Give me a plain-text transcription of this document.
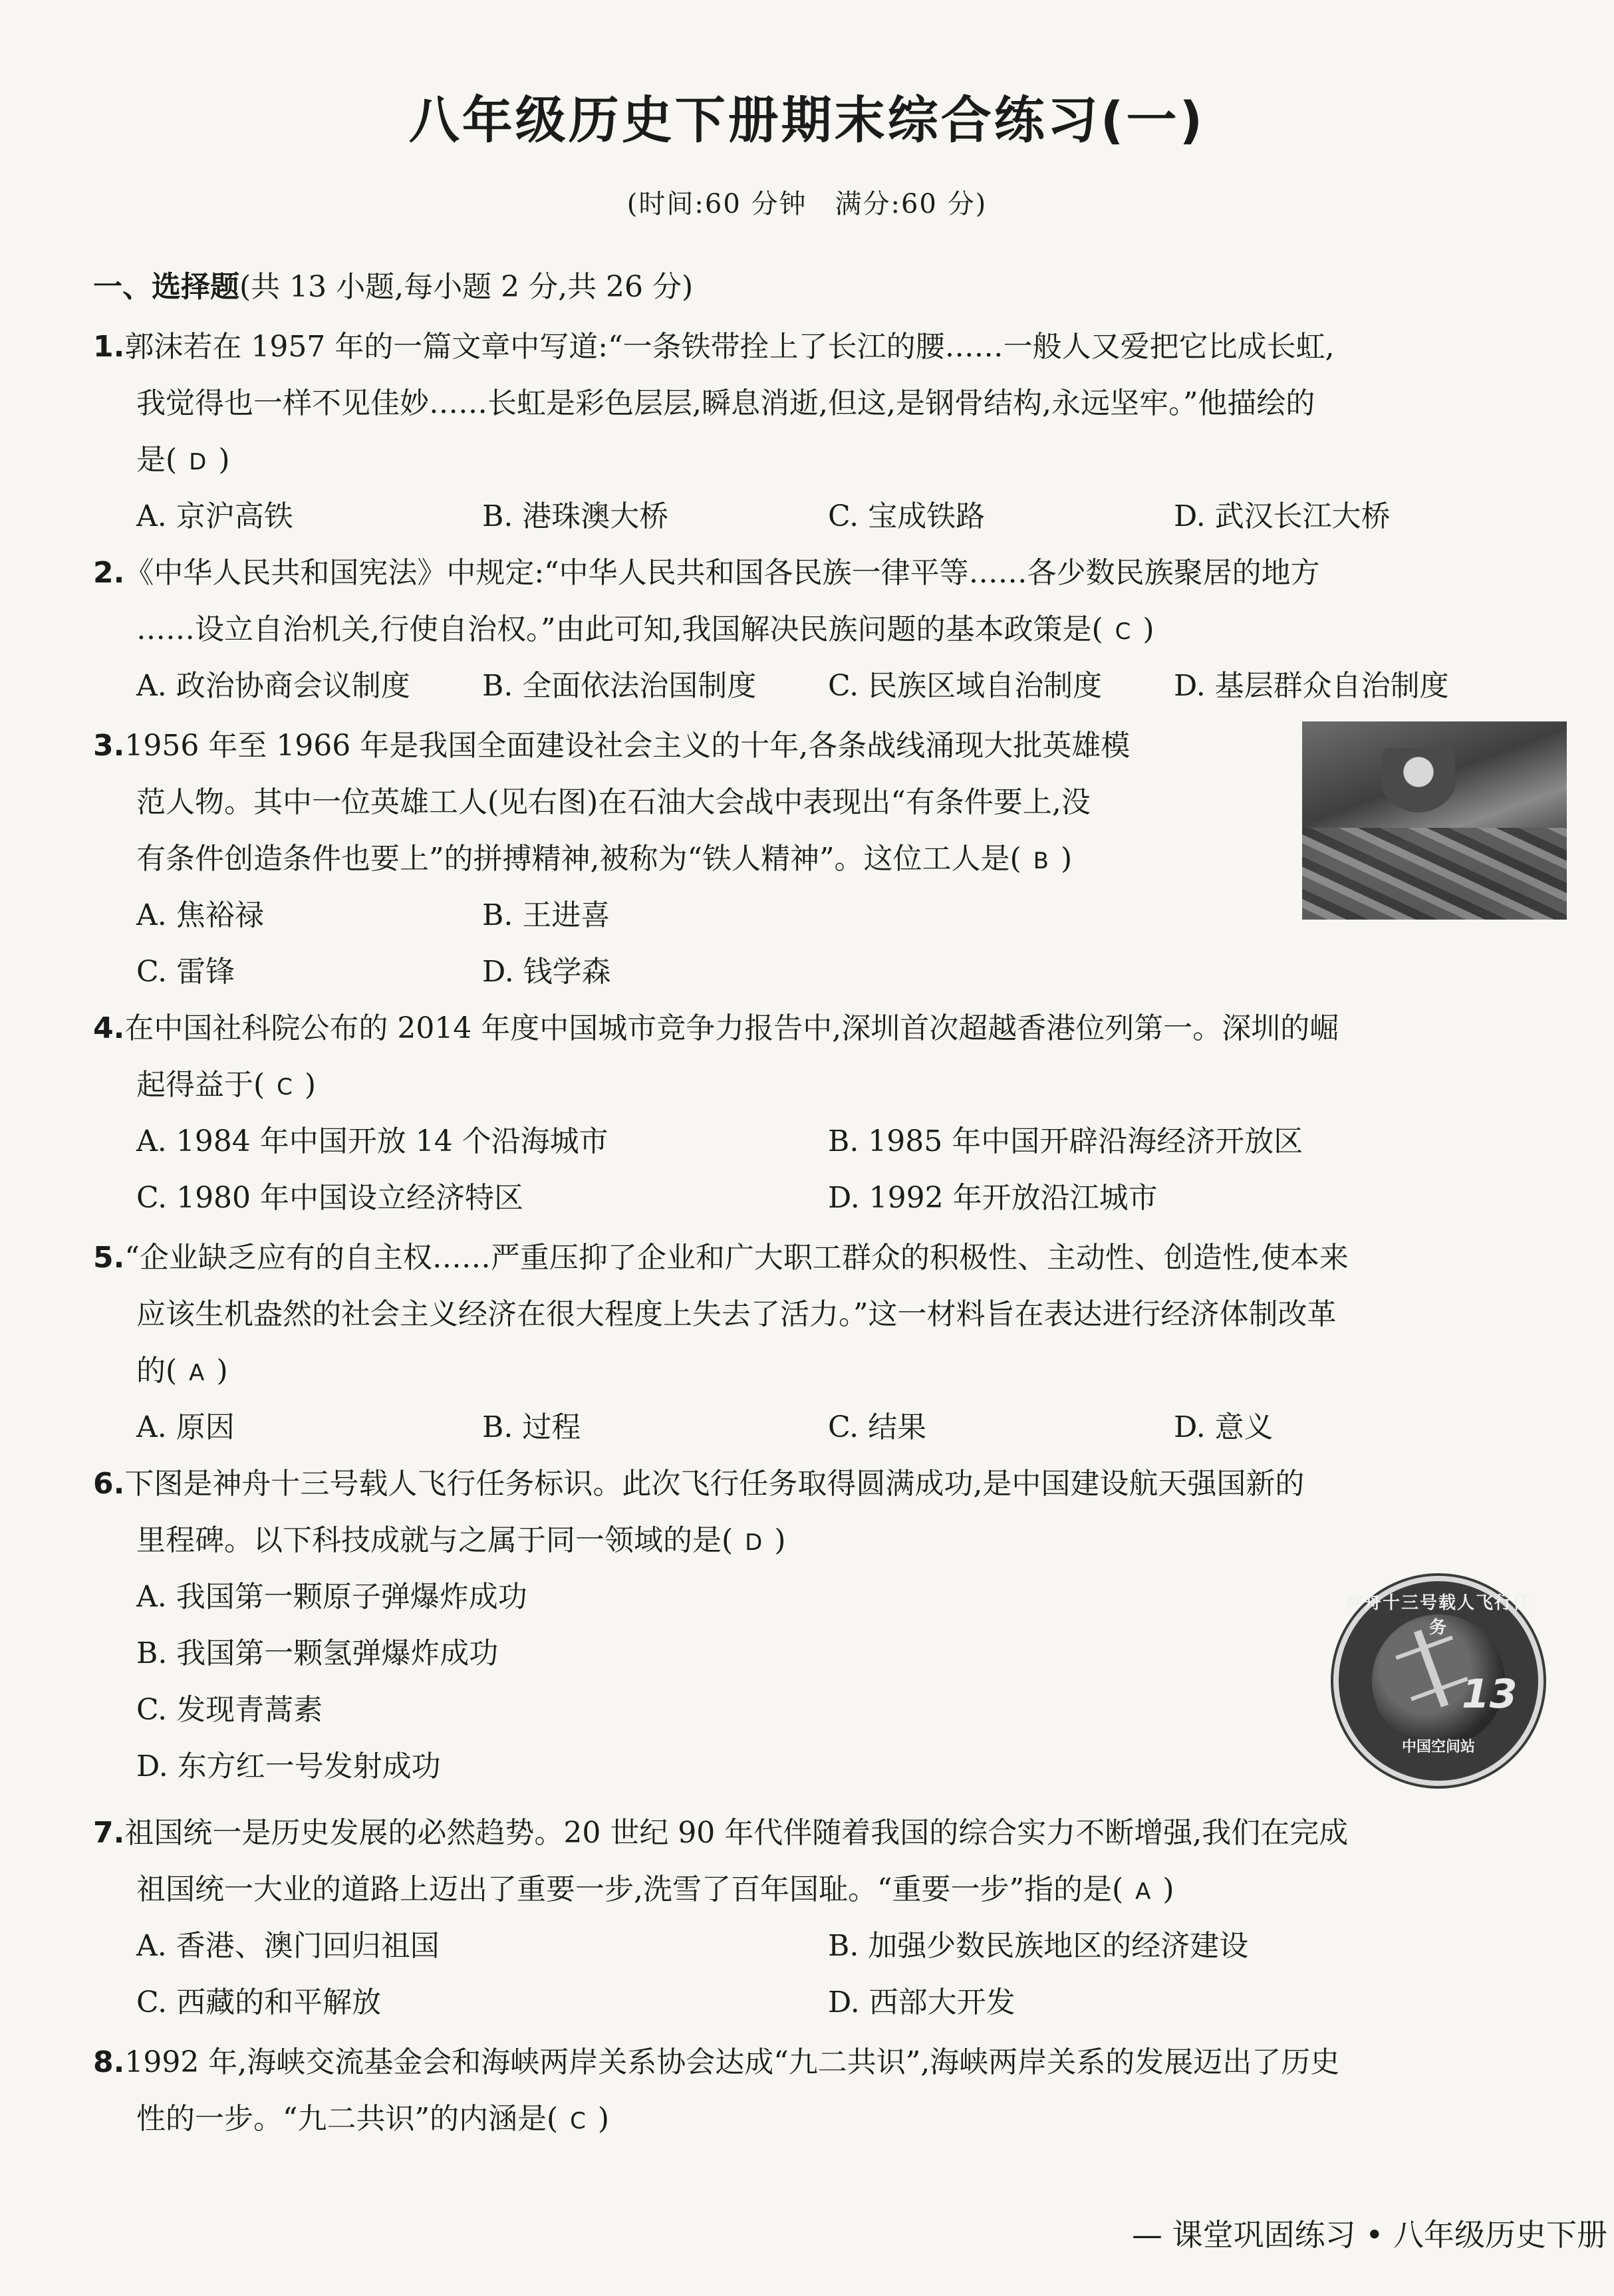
八年级历史下册期末综合练习(一)
(时间:60 分钟　满分:60 分)
一、选择题(共 13 小题,每小题 2 分,共 26 分)
1.郭沫若在 1957 年的一篇文章中写道:“一条铁带拴上了长江的腰……一般人又爱把它比成长虹,
我觉得也一样不见佳妙……长虹是彩色层层,瞬息消逝,但这,是钢骨结构,永远坚牢。”他描绘的
是( D )
A. 京沪高铁	B. 港珠澳大桥	C. 宝成铁路	D. 武汉长江大桥
2.《中华人民共和国宪法》中规定:“中华人民共和国各民族一律平等……各少数民族聚居的地方
……设立自治机关,行使自治权。”由此可知,我国解决民族问题的基本政策是( C )
A. 政治协商会议制度 B. 全面依法治国制度 C. 民族区域自治制度 D. 基层群众自治制度
3.1956 年至 1966 年是我国全面建设社会主义的十年,各条战线涌现大批英雄模
范人物。其中一位英雄工人(见右图)在石油大会战中表现出“有条件要上,没
有条件创造条件也要上”的拼搏精神,被称为“铁人精神”。这位工人是( B )
A. 焦裕禄	B. 王进喜
C. 雷锋	D. 钱学森
4.在中国社科院公布的 2014 年度中国城市竞争力报告中,深圳首次超越香港位列第一。深圳的崛
起得益于( C )
A. 1984 年中国开放 14 个沿海城市	B. 1985 年中国开辟沿海经济开放区
C. 1980 年中国设立经济特区	D. 1992 年开放沿江城市
5.“企业缺乏应有的自主权……严重压抑了企业和广大职工群众的积极性、主动性、创造性,使本来
应该生机盎然的社会主义经济在很大程度上失去了活力。”这一材料旨在表达进行经济体制改革
的( A )
A. 原因	B. 过程	C. 结果	D. 意义
6.下图是神舟十三号载人飞行任务标识。此次飞行任务取得圆满成功,是中国建设航天强国新的
里程碑。以下科技成就与之属于同一领域的是( D )
A. 我国第一颗原子弹爆炸成功
B. 我国第一颗氢弹爆炸成功
C. 发现青蒿素
D. 东方红一号发射成功
13
神舟十三号载人飞行任务
中国空间站
7.祖国统一是历史发展的必然趋势。20 世纪 90 年代伴随着我国的综合实力不断增强,我们在完成
祖国统一大业的道路上迈出了重要一步,洗雪了百年国耻。“重要一步”指的是( A )
A. 香港、澳门回归祖国	B. 加强少数民族地区的经济建设
C. 西藏的和平解放	D. 西部大开发
8.1992 年,海峡交流基金会和海峡两岸关系协会达成“九二共识”,海峡两岸关系的发展迈出了历史
性的一步。“九二共识”的内涵是( C )
— 课堂巩固练习 • 八年级历史下册
